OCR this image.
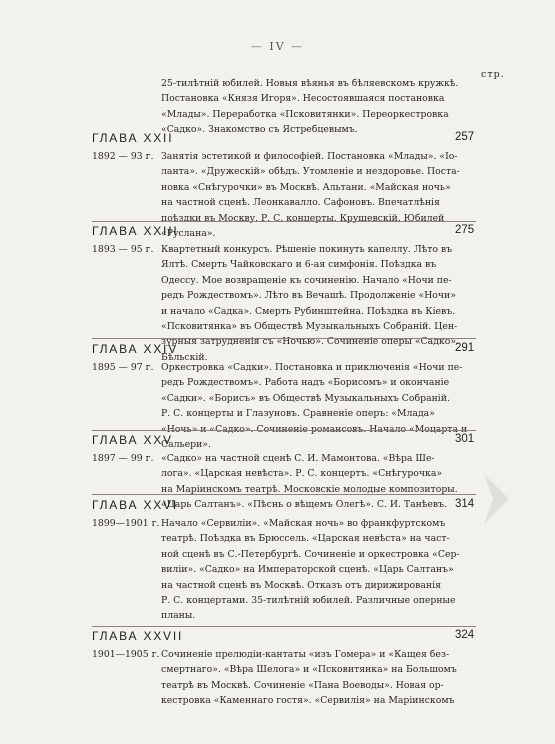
— IV —
стр.
25-тилѣтній юбилей. Новыя вѣянья въ бѣляевскомъ кружкѣ.
Постановка «Князя Игоря». Несостоявшаяся постановка
«Млады». Переработка «Псковитянки». Переоркестровка
«Садко». Знакомство съ Ястребцевымъ.
ГЛАВА XXII	257
1892 — 93 г. Занятія эстетикой и философіей. Постановка «Млады». «Іо-
ланта». «Дружескій» обѣдъ. Утомленіе и нездоровье. Поста-
новка «Снѣгурочки» въ Москвѣ. Альтани. «Майская ночь»
на частной сценѣ. Леонкавалло. Сафоновъ. Впечатлѣнія
поѣздки въ Москву. Р. С. концерты. Крушевскій. Юбилей
«Руслана».
ГЛАВА XXIII	275
1893 — 95 г. Квартетный конкурсъ. Рѣшеніе покинуть капеллу. Лѣто въ
Ялтѣ. Смерть Чайковскаго и 6-ая симфонія. Поѣздка въ
Одессу. Мое возвращеніе къ сочиненію. Начало «Ночи пе-
редъ Рождествомъ». Лѣто въ Вечашѣ. Продолженіе «Ночи»
и начало «Садка». Смерть Рубинштейна. Поѣздка въ Кіевъ.
«Псковитянка» въ Обществѣ Музыкальныхъ Собраній. Цен-
зурныя затрудненія съ «Ночью». Сочиненіе оперы «Садко».
Бѣльскій.
ГЛАВА XXIV	291
1895 — 97 г. Оркестровка «Садки». Постановка и приключенія «Ночи пе-
редъ Рождествомъ». Работа надъ «Борисомъ» и окончаніе
«Садки». «Борисъ» въ Обществѣ Музыкальныхъ Собраній.
Р. С. концерты и Глазуновъ. Сравненіе оперъ: «Млада»
«Ночь» и «Садко». Сочиненіе романсовъ. Начало «Моцарта и
Сальери».
ГЛАВА XXV	301
1897 — 99 г. «Садко» на частной сценѣ С. И. Мамонтова. «Вѣра Ше-
лога». «Царская невѣста». Р. С. концертъ. «Снѣгурочка»
на Маріинскомъ театрѣ. Московскіе молодые композиторы.
«Царь Салтанъ». «Пѣснь о вѣщемъ Олегѣ». С. И. Танѣевъ.
ГЛАВА XXVI	314
1899—1901 г. Начало «Сервиліи». «Майская ночь» во франкфуртскомъ
театрѣ. Поѣздка въ Брюссель. «Царская невѣста» на част-
ной сценѣ въ С.-Петербургѣ. Сочиненіе и оркестровка «Сер-
виліи». «Садко» на Императорской сценѣ. «Царь Салтанъ»
на частной сценѣ въ Москвѣ. Отказъ отъ дирижированія
Р. С. концертами. 35-тилѣтній юбилей. Различные оперные
планы.
ГЛАВА XXVII	324
1901—1905 г. Сочиненіе прелюдіи-кантаты «изъ Гомера» и «Кащея без-
смертнаго». «Вѣра Шелога» и «Псковитянка» на Большомъ
театрѣ въ Москвѣ. Сочиненіе «Пана Воеводы». Новая ор-
кестровка «Каменнаго гостя». «Сервилія» на Маріинскомъ
